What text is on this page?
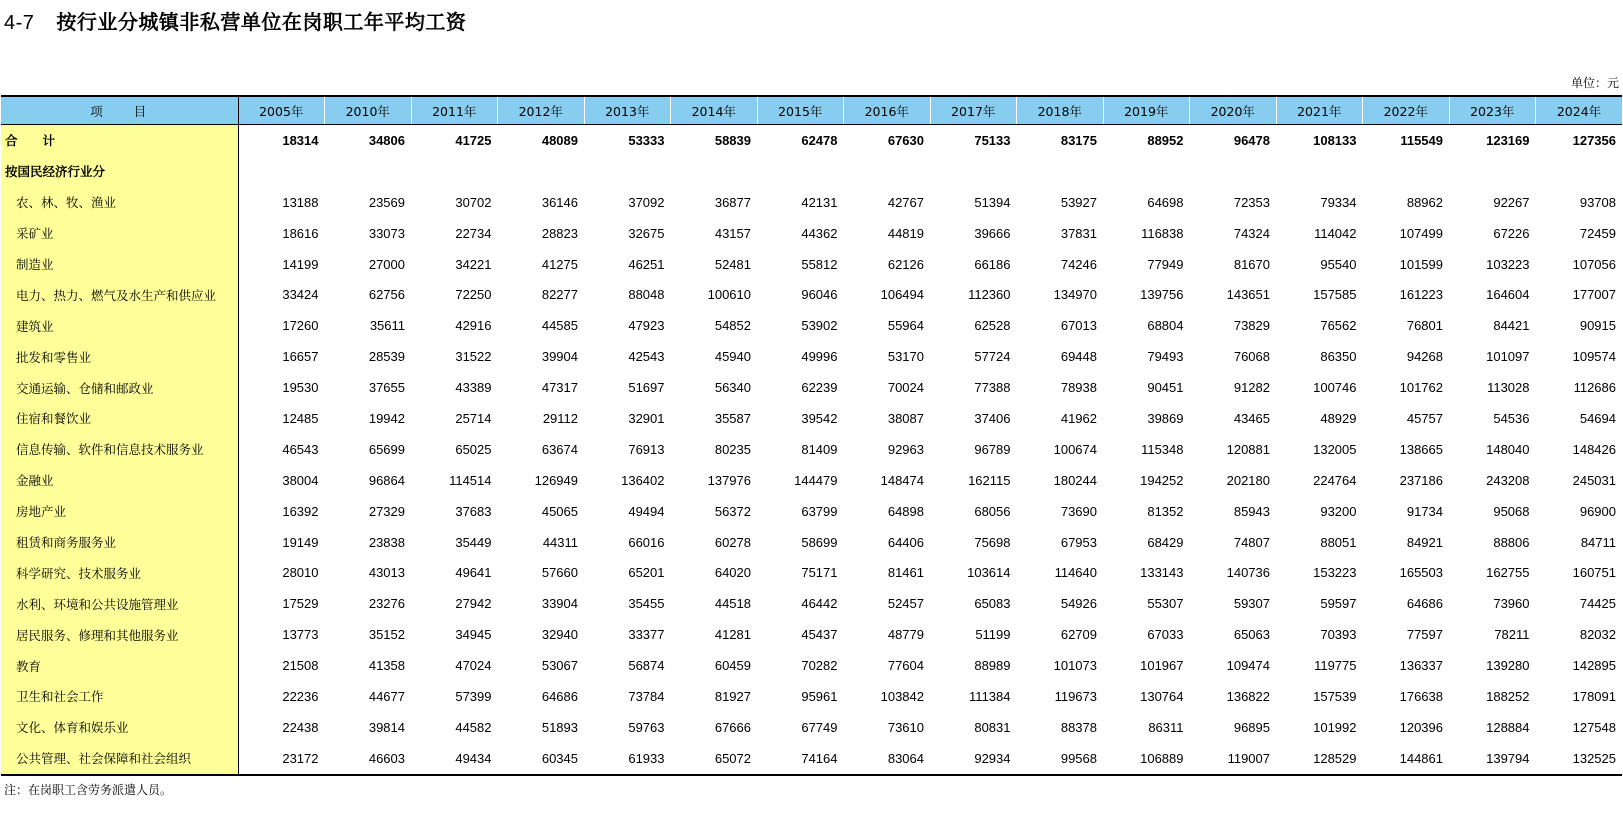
4-7 按行业分城镇非私营单位在岗职工年平均工资
单位：元
项　　目	2005年	2010年	2011年	2012年	2013年	2014年	2015年	2016年	2017年	2018年	2019年	2020年	2021年	2022年	2023年	2024年
合　　计	18314	34806	41725	48089	53333	58839	62478	67630	75133	83175	88952	96478	108133	115549	123169	127356
按国民经济行业分																
农、林、牧、渔业	13188	23569	30702	36146	37092	36877	42131	42767	51394	53927	64698	72353	79334	88962	92267	93708
采矿业	18616	33073	22734	28823	32675	43157	44362	44819	39666	37831	116838	74324	114042	107499	67226	72459
制造业	14199	27000	34221	41275	46251	52481	55812	62126	66186	74246	77949	81670	95540	101599	103223	107056
电力、热力、燃气及水生产和供应业	33424	62756	72250	82277	88048	100610	96046	106494	112360	134970	139756	143651	157585	161223	164604	177007
建筑业	17260	35611	42916	44585	47923	54852	53902	55964	62528	67013	68804	73829	76562	76801	84421	90915
批发和零售业	16657	28539	31522	39904	42543	45940	49996	53170	57724	69448	79493	76068	86350	94268	101097	109574
交通运输、仓储和邮政业	19530	37655	43389	47317	51697	56340	62239	70024	77388	78938	90451	91282	100746	101762	113028	112686
住宿和餐饮业	12485	19942	25714	29112	32901	35587	39542	38087	37406	41962	39869	43465	48929	45757	54536	54694
信息传输、软件和信息技术服务业	46543	65699	65025	63674	76913	80235	81409	92963	96789	100674	115348	120881	132005	138665	148040	148426
金融业	38004	96864	114514	126949	136402	137976	144479	148474	162115	180244	194252	202180	224764	237186	243208	245031
房地产业	16392	27329	37683	45065	49494	56372	63799	64898	68056	73690	81352	85943	93200	91734	95068	96900
租赁和商务服务业	19149	23838	35449	44311	66016	60278	58699	64406	75698	67953	68429	74807	88051	84921	88806	84711
科学研究、技术服务业	28010	43013	49641	57660	65201	64020	75171	81461	103614	114640	133143	140736	153223	165503	162755	160751
水利、环境和公共设施管理业	17529	23276	27942	33904	35455	44518	46442	52457	65083	54926	55307	59307	59597	64686	73960	74425
居民服务、修理和其他服务业	13773	35152	34945	32940	33377	41281	45437	48779	51199	62709	67033	65063	70393	77597	78211	82032
教育	21508	41358	47024	53067	56874	60459	70282	77604	88989	101073	101967	109474	119775	136337	139280	142895
卫生和社会工作	22236	44677	57399	64686	73784	81927	95961	103842	111384	119673	130764	136822	157539	176638	188252	178091
文化、体育和娱乐业	22438	39814	44582	51893	59763	67666	67749	73610	80831	88378	86311	96895	101992	120396	128884	127548
公共管理、社会保障和社会组织	23172	46603	49434	60345	61933	65072	74164	83064	92934	99568	106889	119007	128529	144861	139794	132525
注：在岗职工含劳务派遣人员。
